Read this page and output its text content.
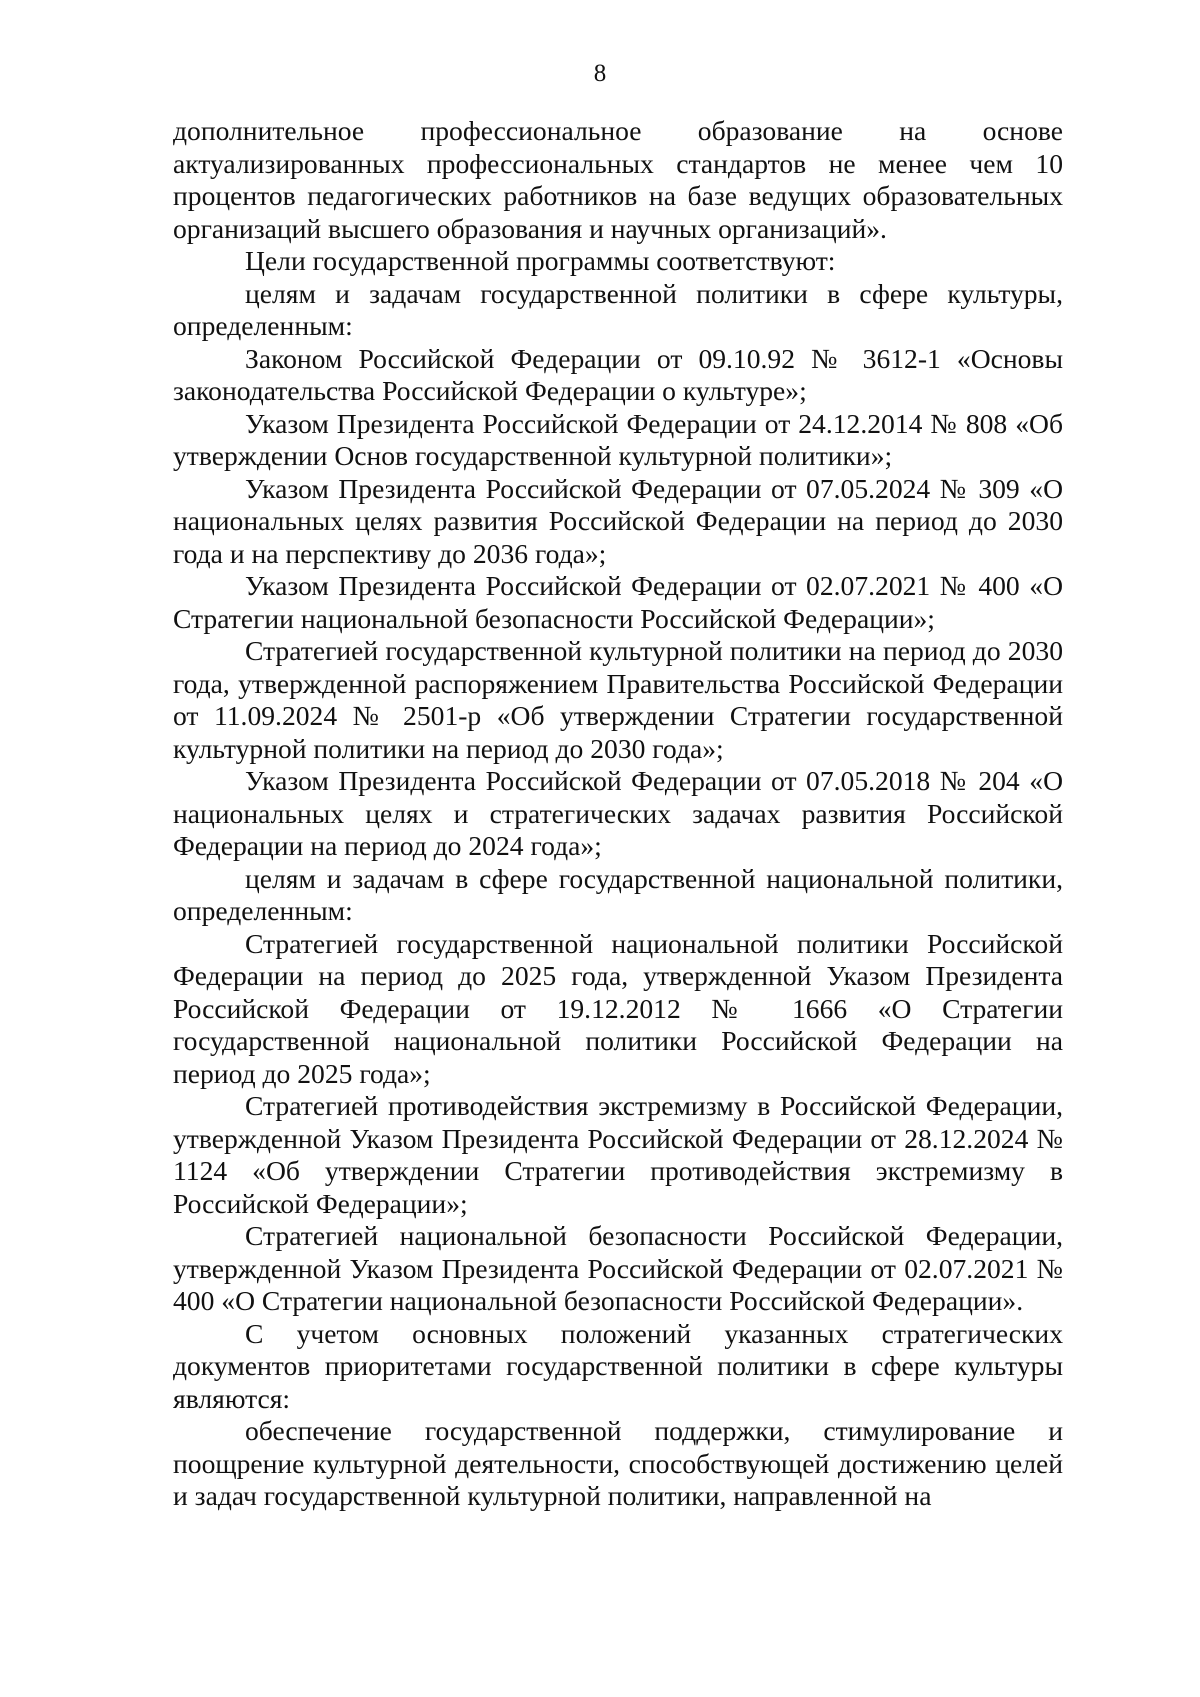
8

дополнительное профессиональное образование на основе актуализированных профессиональных стандартов не менее чем 10 процентов педагогических работников на базе ведущих образовательных организаций высшего образования и научных организаций».

Цели государственной программы соответствуют:

целям и задачам государственной политики в сфере культуры, определенным:

Законом Российской Федерации от 09.10.92 № 3612-1 «Основы законодательства Российской Федерации о культуре»;

Указом Президента Российской Федерации от 24.12.2014 № 808 «Об утверждении Основ государственной культурной политики»;

Указом Президента Российской Федерации от 07.05.2024 № 309 «О национальных целях развития Российской Федерации на период до 2030 года и на перспективу до 2036 года»;

Указом Президента Российской Федерации от 02.07.2021 № 400 «О Стратегии национальной безопасности Российской Федерации»;

Стратегией государственной культурной политики на период до 2030 года, утвержденной распоряжением Правительства Российской Федерации от 11.09.2024 № 2501-р «Об утверждении Стратегии государственной культурной политики на период до 2030 года»;

Указом Президента Российской Федерации от 07.05.2018 № 204 «О национальных целях и стратегических задачах развития Российской Федерации на период до 2024 года»;

целям и задачам в сфере государственной национальной политики, определенным:

Стратегией государственной национальной политики Российской Федерации на период до 2025 года, утвержденной Указом Президента Российской Федерации от 19.12.2012 № 1666 «О Стратегии государственной национальной политики Российской Федерации на период до 2025 года»;

Стратегией противодействия экстремизму в Российской Федерации, утвержденной Указом Президента Российской Федерации от 28.12.2024 № 1124 «Об утверждении Стратегии противодействия экстремизму в Российской Федерации»;

Стратегией национальной безопасности Российской Федерации, утвержденной Указом Президента Российской Федерации от 02.07.2021 № 400 «О Стратегии национальной безопасности Российской Федерации».

С учетом основных положений указанных стратегических документов приоритетами государственной политики в сфере культуры являются:

обеспечение государственной поддержки, стимулирование и поощрение культурной деятельности, способствующей достижению целей и задач государственной культурной политики, направленной на
